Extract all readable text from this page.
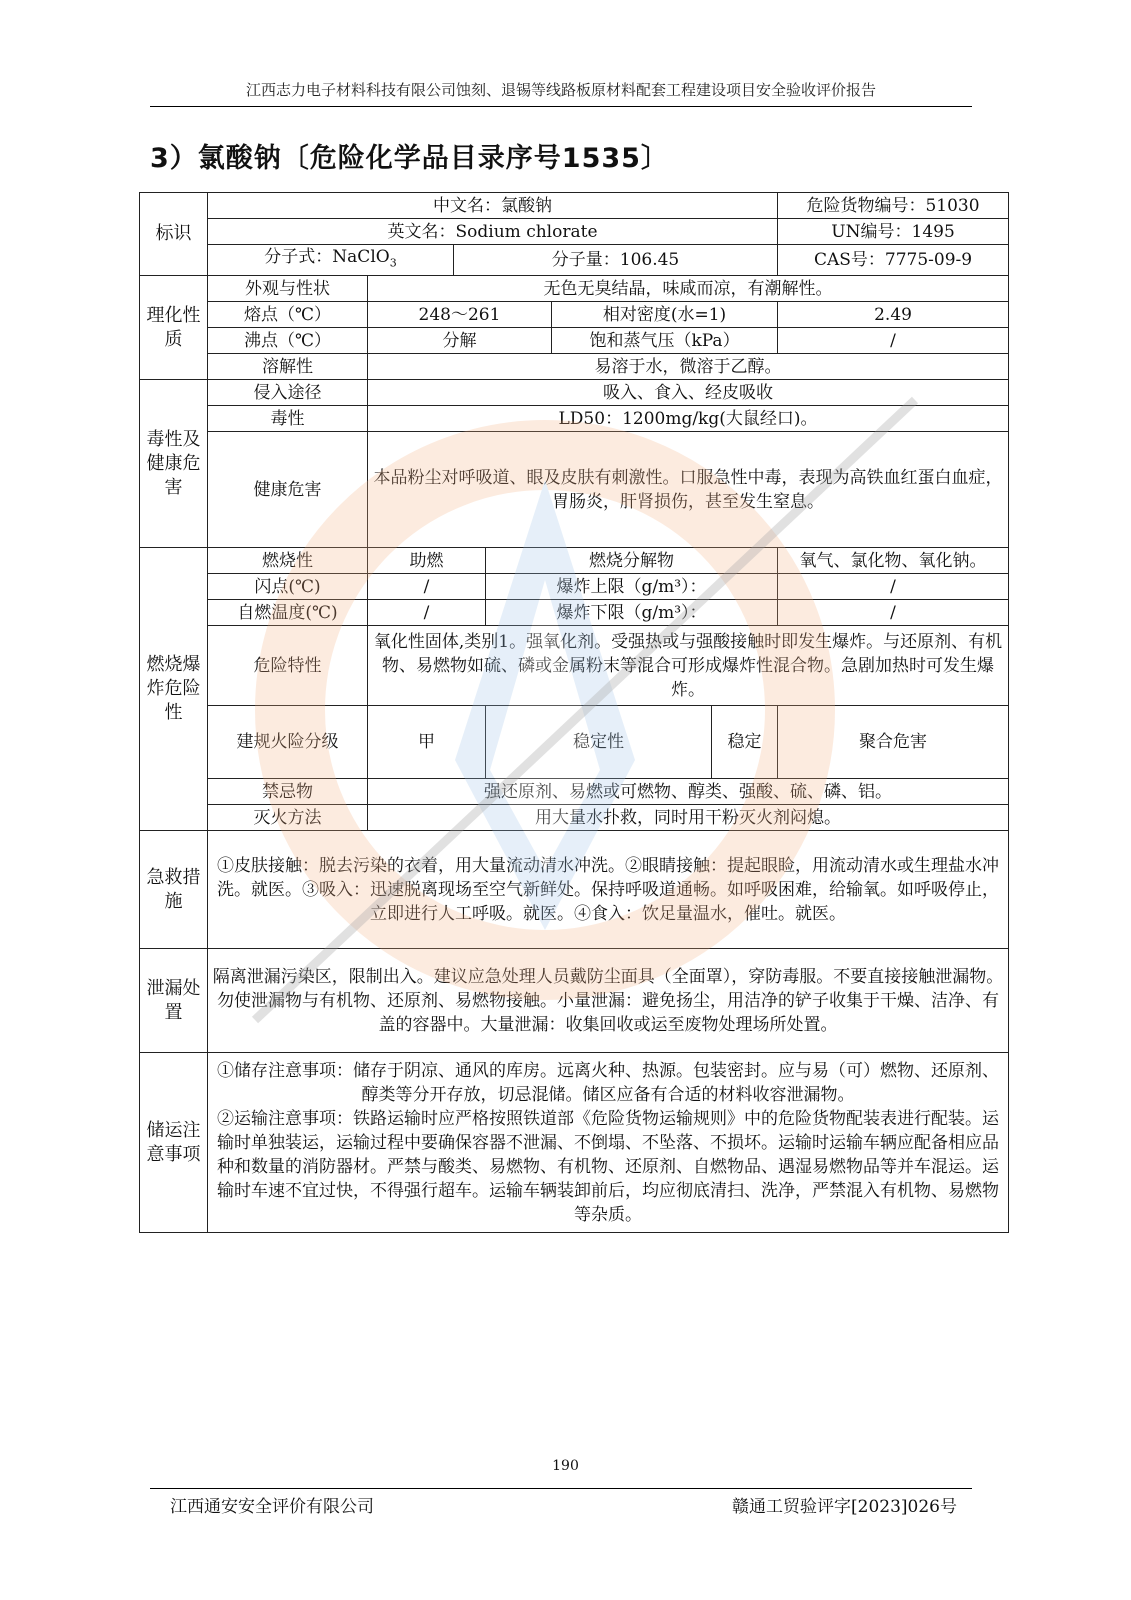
江西志力电子材料科技有限公司蚀刻、退锡等线路板原材料配套工程建设项目安全验收评价报告
3）氯酸钠〔危险化学品目录序号1535〕
标识	中文名：氯酸钠						危险货物编号：51030	
	英文名：Sodium chlorate						UN编号：1495	
	分子式：NaClO$_3$		分子量：106.45				CAS号：7775-09-9	
理化性质	外观与性状	无色无臭结晶，味咸而凉，有潮解性。						
	熔点（℃）	248～261			相对密度(水=1)		2.49	
	沸点（℃）	分解			饱和蒸气压（kPa）		/	
	溶解性	易溶于水，微溶于乙醇。						
毒性及健康危害	侵入途径	吸入、食入、经皮吸收						
	毒性	LD50：1200mg/kg(大鼠经口)。						
	健康危害	本品粉尘对呼吸道、眼及皮肤有刺激性。口服急性中毒，表现为高铁血红蛋白血症，胃肠炎，肝肾损伤，甚至发生窒息。						
燃烧爆炸危险性	燃烧性	助燃		燃烧分解物			氧气、氯化物、氧化钠。	
	闪点(℃)	/		爆炸上限（g/m³）：			/	
	自燃温度(℃)	/		爆炸下限（g/m³）：			/	
	危险特性	氧化性固体,类别1。强氧化剂。受强热或与强酸接触时即发生爆炸。与还原剂、有机物、易燃物如硫、磷或金属粉末等混合可形成爆炸性混合物。急剧加热时可发生爆炸。						
	建规火险分级	甲		稳定性		稳定	聚合危害	
	禁忌物	强还原剂、易燃或可燃物、醇类、强酸、硫、磷、铝。						
	灭火方法	用大量水扑救，同时用干粉灭火剂闷熄。						
急救措施	①皮肤接触：脱去污染的衣着，用大量流动清水冲洗。②眼睛接触：提起眼睑，用流动清水或生理盐水冲洗。就医。③吸入：迅速脱离现场至空气新鲜处。保持呼吸道通畅。如呼吸困难，给输氧。如呼吸停止，立即进行人工呼吸。就医。④食入：饮足量温水，催吐。就医。							
泄漏处置	隔离泄漏污染区，限制出入。建议应急处理人员戴防尘面具（全面罩），穿防毒服。不要直接接触泄漏物。勿使泄漏物与有机物、还原剂、易燃物接触。小量泄漏：避免扬尘，用洁净的铲子收集于干燥、洁净、有盖的容器中。大量泄漏：收集回收或运至废物处理场所处置。							
储运注意事项	①储存注意事项：储存于阴凉、通风的库房。远离火种、热源。包装密封。应与易（可）燃物、还原剂、醇类等分开存放，切忌混储。储区应备有合适的材料收容泄漏物。
②运输注意事项：铁路运输时应严格按照铁道部《危险货物运输规则》中的危险货物配装表进行配装。运输时单独装运，运输过程中要确保容器不泄漏、不倒塌、不坠落、不损坏。运输时运输车辆应配备相应品种和数量的消防器材。严禁与酸类、易燃物、有机物、还原剂、自燃物品、遇湿易燃物品等并车混运。运输时车速不宜过快，不得强行超车。运输车辆装卸前后，均应彻底清扫、洗净，严禁混入有机物、易燃物等杂质。							
190
江西通安安全评价有限公司	赣通工贸验评字[2023]026号
